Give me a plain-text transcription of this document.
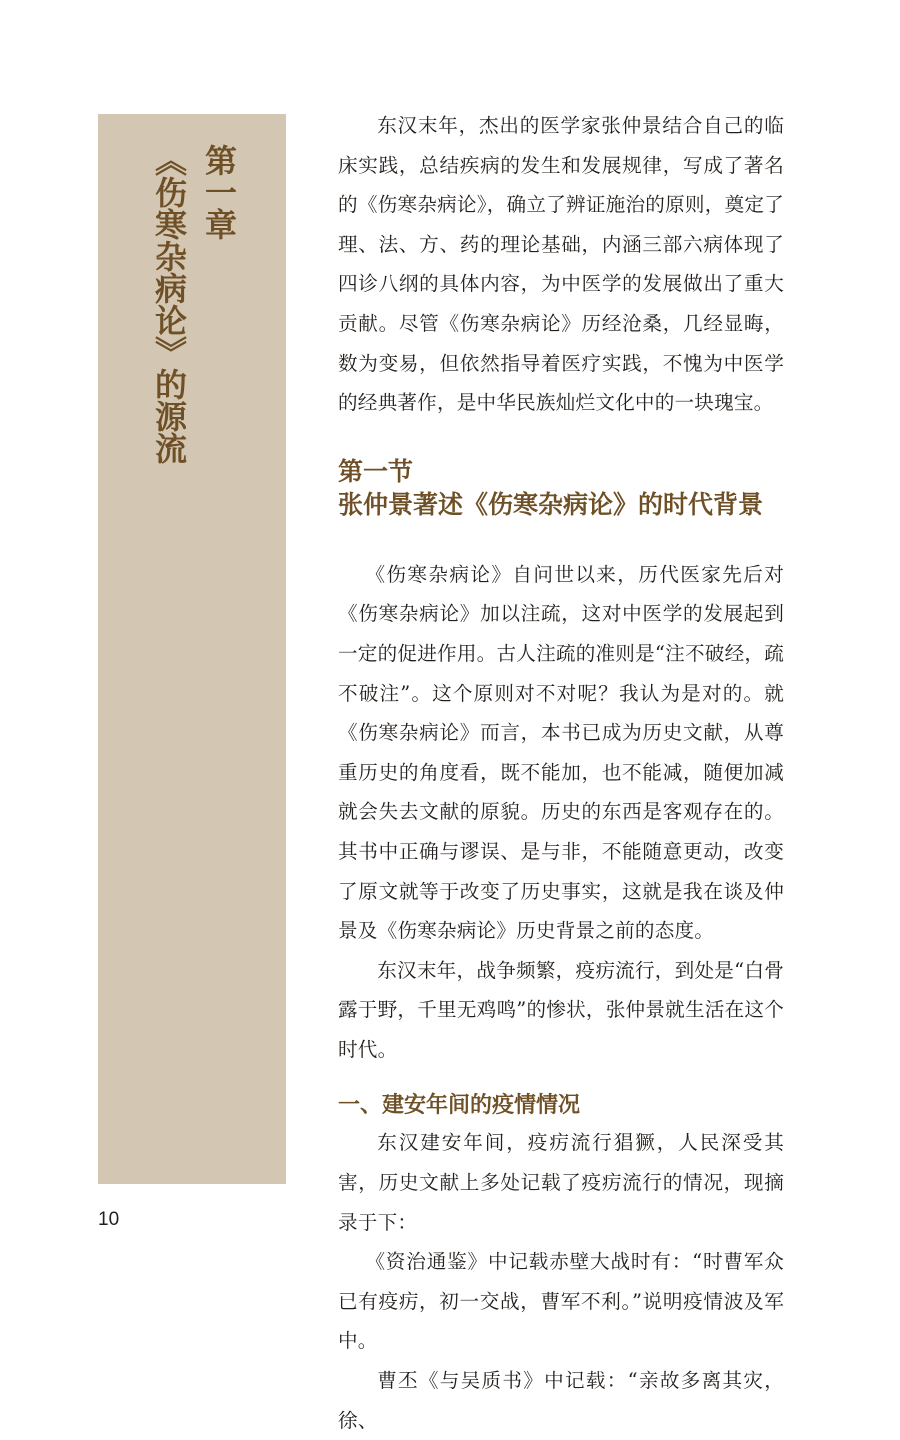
第一章
《伤寒杂病论》的源流

东汉末年，杰出的医学家张仲景结合自己的临床实践，总结疾病的发生和发展规律，写成了著名的《伤寒杂病论》，确立了辨证施治的原则，奠定了理、法、方、药的理论基础，内涵三部六病体现了四诊八纲的具体内容，为中医学的发展做出了重大贡献。尽管《伤寒杂病论》历经沧桑，几经显晦，数为变易，但依然指导着医疗实践，不愧为中医学的经典著作，是中华民族灿烂文化中的一块瑰宝。

第一节

张仲景著述《伤寒杂病论》的时代背景

《伤寒杂病论》自问世以来，历代医家先后对《伤寒杂病论》加以注疏，这对中医学的发展起到一定的促进作用。古人注疏的准则是“注不破经，疏不破注”。这个原则对不对呢？我认为是对的。就《伤寒杂病论》而言，本书已成为历史文献，从尊重历史的角度看，既不能加，也不能减，随便加减就会失去文献的原貌。历史的东西是客观存在的。其书中正确与谬误、是与非，不能随意更动，改变了原文就等于改变了历史事实，这就是我在谈及仲景及《伤寒杂病论》历史背景之前的态度。

东汉末年，战争频繁，疫疠流行，到处是“白骨露于野，千里无鸡鸣”的惨状，张仲景就生活在这个时代。

一、建安年间的疫情情况

东汉建安年间，疫疠流行猖獗，人民深受其害，历史文献上多处记载了疫疠流行的情况，现摘录于下：

《资治通鉴》中记载赤壁大战时有：“时曹军众已有疫疠，初一交战，曹军不利。”说明疫情波及军中。

曹丕《与吴质书》中记载：“亲故多离其灾，徐、

10
